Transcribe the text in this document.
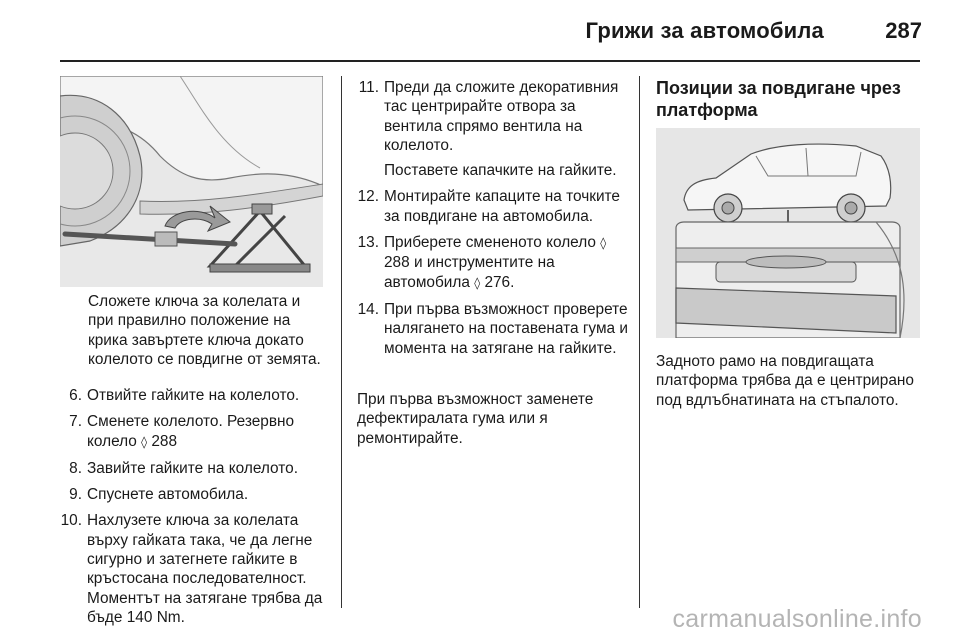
Грижи за автомобила	287
Сложете ключа за колелата и при правилно положение на крика завъртете ключа докато колелото се повдигне от земята.
6. Отвийте гайките на колелото.
7. Сменете колелото. Резервно колело ◊ 288
8. Завийте гайките на колелото.
9. Спуснете автомобила.
10. Нахлузете ключа за колелата върху гайката така, че да легне сигурно и затегнете гайките в кръстосана последователност. Моментът на затягане трябва да бъде 140 Nm.
11. Преди да сложите декоративния тас центрирайте отвора за вентила спрямо вентила на колелото.
Поставете капачките на гайките.
12. Монтирайте капаците на точките за повдигане на автомобила.
13. Приберете смененото колело ◊ 288 и инструментите на автомобила ◊ 276.
14. При първа възможност проверете налягането на поставената гума и момента на затягане на гайките.
При първа възможност заменете дефектиралата гума или я ремонтирайте.
Позиции за повдигане чрез платформа
Задното рамо на повдигащата платформа трябва да е центрирано под вдлъбнатината на стъпалото.
carmanualsonline.info
